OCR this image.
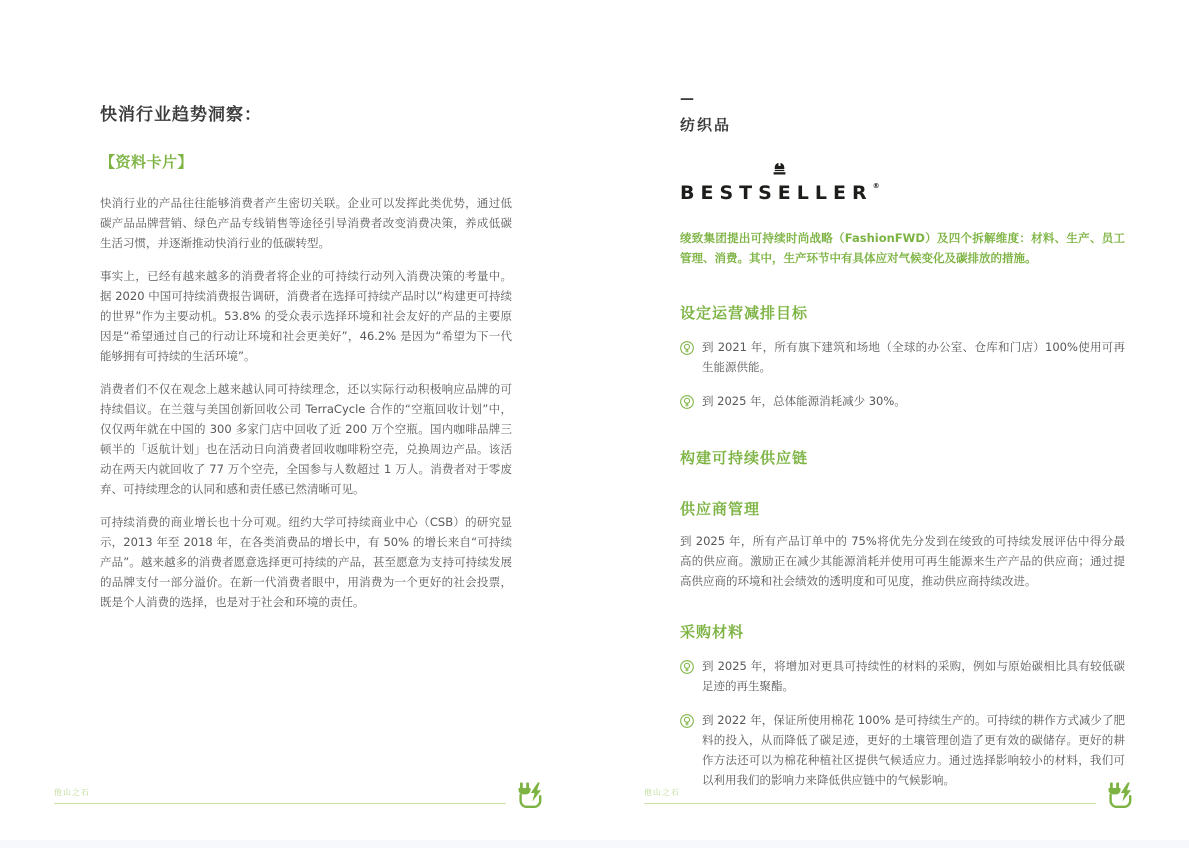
快消行业趋势洞察：
【资料卡片】

快消行业的产品往往能够消费者产生密切关联。企业可以发挥此类优势，通过低碳产品品牌营销、绿色产品专线销售等途径引导消费者改变消费决策，养成低碳生活习惯，并逐渐推动快消行业的低碳转型。

事实上，已经有越来越多的消费者将企业的可持续行动列入消费决策的考量中。据 2020 中国可持续消费报告调研，消费者在选择可持续产品时以“构建更可持续的世界”作为主要动机。53.8% 的受众表示选择环境和社会友好的产品的主要原因是“希望通过自己的行动让环境和社会更美好”，46.2% 是因为“希望为下一代能够拥有可持续的生活环境”。

消费者们不仅在观念上越来越认同可持续理念，还以实际行动积极响应品牌的可持续倡议。在兰蔻与美国创新回收公司 TerraCycle 合作的“空瓶回收计划”中，仅仅两年就在中国的 300 多家门店中回收了近 200 万个空瓶。国内咖啡品牌三顿半的「返航计划」也在活动日向消费者回收咖啡粉空壳，兑换周边产品。该活动在两天内就回收了 77 万个空壳，全国参与人数超过 1 万人。消费者对于零废弃、可持续理念的认同和感和责任感已然清晰可见。

可持续消费的商业增长也十分可观。纽约大学可持续商业中心（CSB）的研究显示，2013 年至 2018 年，在各类消费品的增长中，有 50% 的增长来自“可持续产品”。越来越多的消费者愿意选择更可持续的产品，甚至愿意为支持可持续发展的品牌支付一部分溢价。在新一代消费者眼中，用消费为一个更好的社会投票，既是个人消费的选择，也是对于社会和环境的责任。

他山之石
—
纺织品
BESTSELLER®

绫致集团提出可持续时尚战略（FashionFWD）及四个拆解维度：材料、生产、员工管理、消费。其中，生产环节中有具体应对气候变化及碳排放的措施。

设定运营减排目标

到 2021 年，所有旗下建筑和场地（全球的办公室、仓库和门店）100%使用可再生能源供能。

到 2025 年，总体能源消耗减少 30%。

构建可持续供应链
供应商管理

到 2025 年，所有产品订单中的 75%将优先分发到在绫致的可持续发展评估中得分最高的供应商。激励正在减少其能源消耗并使用可再生能源来生产产品的供应商；通过提高供应商的环境和社会绩效的透明度和可见度，推动供应商持续改进。

采购材料

到 2025 年，将增加对更具可持续性的材料的采购，例如与原始碳相比具有较低碳足迹的再生聚酯。

到 2022 年，保证所使用棉花 100% 是可持续生产的。可持续的耕作方式减少了肥料的投入，从而降低了碳足迹，更好的土壤管理创造了更有效的碳储存。更好的耕作方法还可以为棉花种植社区提供气候适应力。通过选择影响较小的材料，我们可以利用我们的影响力来降低供应链中的气候影响。

他山之石
